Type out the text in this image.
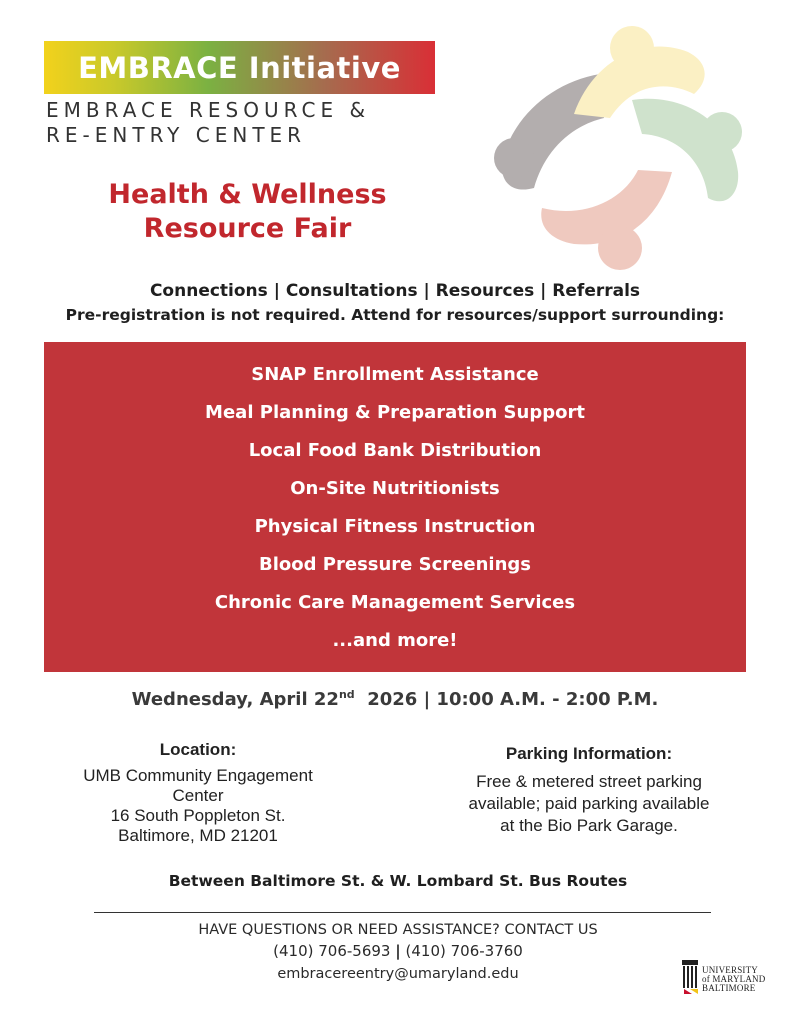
EMBRACE Initiative
EMBRACE RESOURCE &
RE-ENTRY CENTER
Health & Wellness
Resource Fair
Connections | Consultations | Resources | Referrals
Pre-registration is not required. Attend for resources/support surrounding:
SNAP Enrollment Assistance
Meal Planning & Preparation Support
Local Food Bank Distribution
On-Site Nutritionists
Physical Fitness Instruction
Blood Pressure Screenings
Chronic Care Management Services
...and more!
Wednesday, April 22nd 2026 | 10:00 A.M. - 2:00 P.M.
Location:
UMB Community Engagement
Center
16 South Poppleton St.
Baltimore, MD 21201
Parking Information:
Free & metered street parking
available; paid parking available
at the Bio Park Garage.
Between Baltimore St. & W. Lombard St. Bus Routes
HAVE QUESTIONS OR NEED ASSISTANCE? CONTACT US
(410) 706-5693 | (410) 706-3760
embracereentry@umaryland.edu	UNIVERSITY
of MARYLAND
BALTIMORE
